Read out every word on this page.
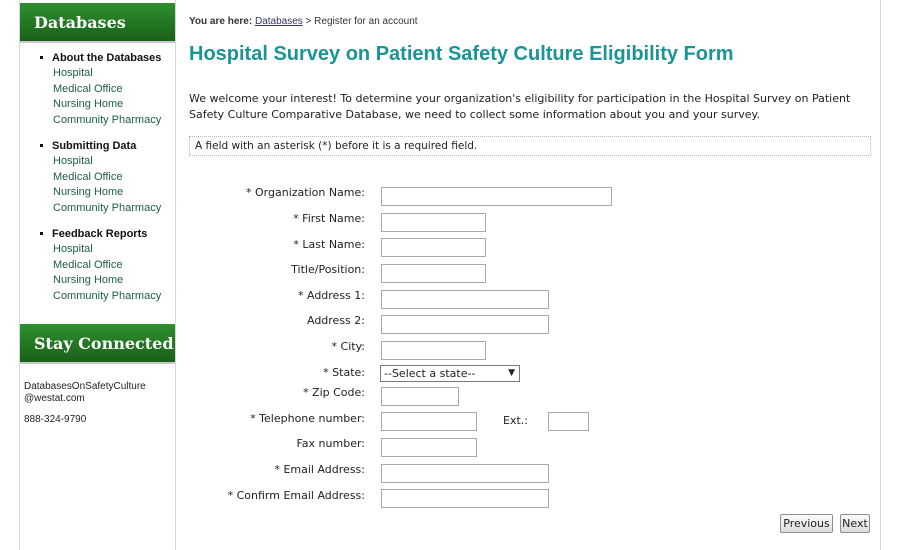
Databases
About the Databases
Hospital
Medical Office
Nursing Home
Community Pharmacy
Submitting Data
Hospital
Medical Office
Nursing Home
Community Pharmacy
Feedback Reports
Hospital
Medical Office
Nursing Home
Community Pharmacy
Stay Connected
DatabasesOnSafetyCulture
@westat.com
888-324-9790
You are here: Databases > Register for an account
Hospital Survey on Patient Safety Culture Eligibility Form
We welcome your interest! To determine your organization's eligibility for participation in the Hospital Survey on Patient Safety Culture Comparative Database, we need to collect some information about you and your survey.
A field with an asterisk (*) before it is a required field.
* Organization Name:
* First Name:
* Last Name:
Title/Position:
* Address 1:
Address 2:
* City:
* State:
* Zip Code:
* Telephone number:
Fax number:
* Email Address:
* Confirm Email Address:
--Select a state--	▼
Ext.:
Previous Next
